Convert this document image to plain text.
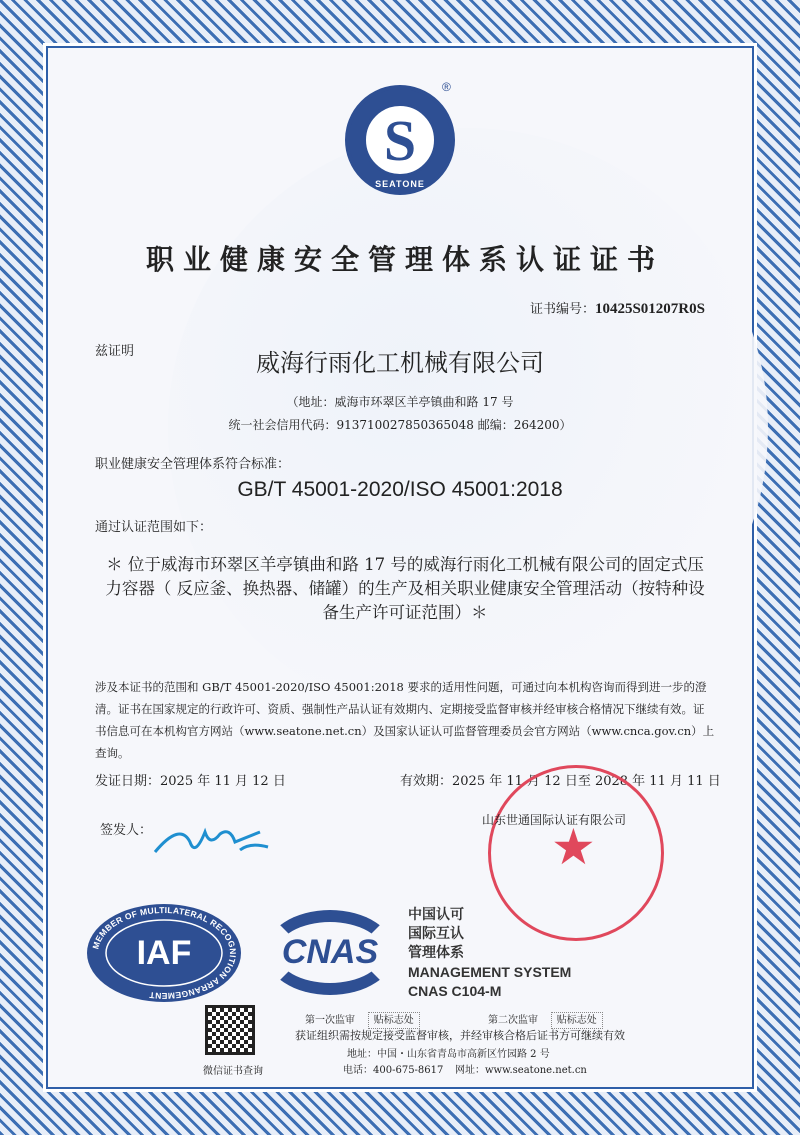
S
SEATONE
®
职业健康安全管理体系认证证书
证书编号：10425S01207R0S
兹证明	威海行雨化工机械有限公司
（地址：威海市环翠区羊亭镇曲和路 17 号
统一社会信用代码：913710027850365048 邮编：264200）
职业健康安全管理体系符合标准：
GB/T 45001-2020/ISO 45001:2018
通过认证范围如下：
＊ 位于威海市环翠区羊亭镇曲和路 17 号的威海行雨化工机械有限公司的固定式压力容器（ 反应釜、换热器、储罐）的生产及相关职业健康安全管理活动（按特种设备生产许可证范围）＊
涉及本证书的范围和 GB/T 45001-2020/ISO 45001:2018 要求的适用性问题，可通过向本机构咨询而得到进一步的澄清。证书在国家规定的行政许可、资质、强制性产品认证有效期内、定期接受监督审核并经审核合格情况下继续有效。证书信息可在本机构官方网站（www.seatone.net.cn）及国家认证认可监督管理委员会官方网站（www.cnca.gov.cn）上查询。
发证日期：2025 年 11 月 12 日	有效期：2025 年 11 月 12 日至 2028 年 11 月 11 日
签发人：	★
山东世通国际认证有限公司
MEMBER OF MULTILATERAL RECOGNITION ARRANGEMENT
IAF	CNAS
中国认可
国际互认
管理体系
MANAGEMENT SYSTEM
CNAS C104-M
微信证书查询
第一次监审 贴标志处	第二次监审 贴标志处
获证组织需按规定接受监督审核，并经审核合格后证书方可继续有效
地址：中国・山东省青岛市高新区竹园路 2 号
电话：400-675-8617 网址：www.seatone.net.cn
